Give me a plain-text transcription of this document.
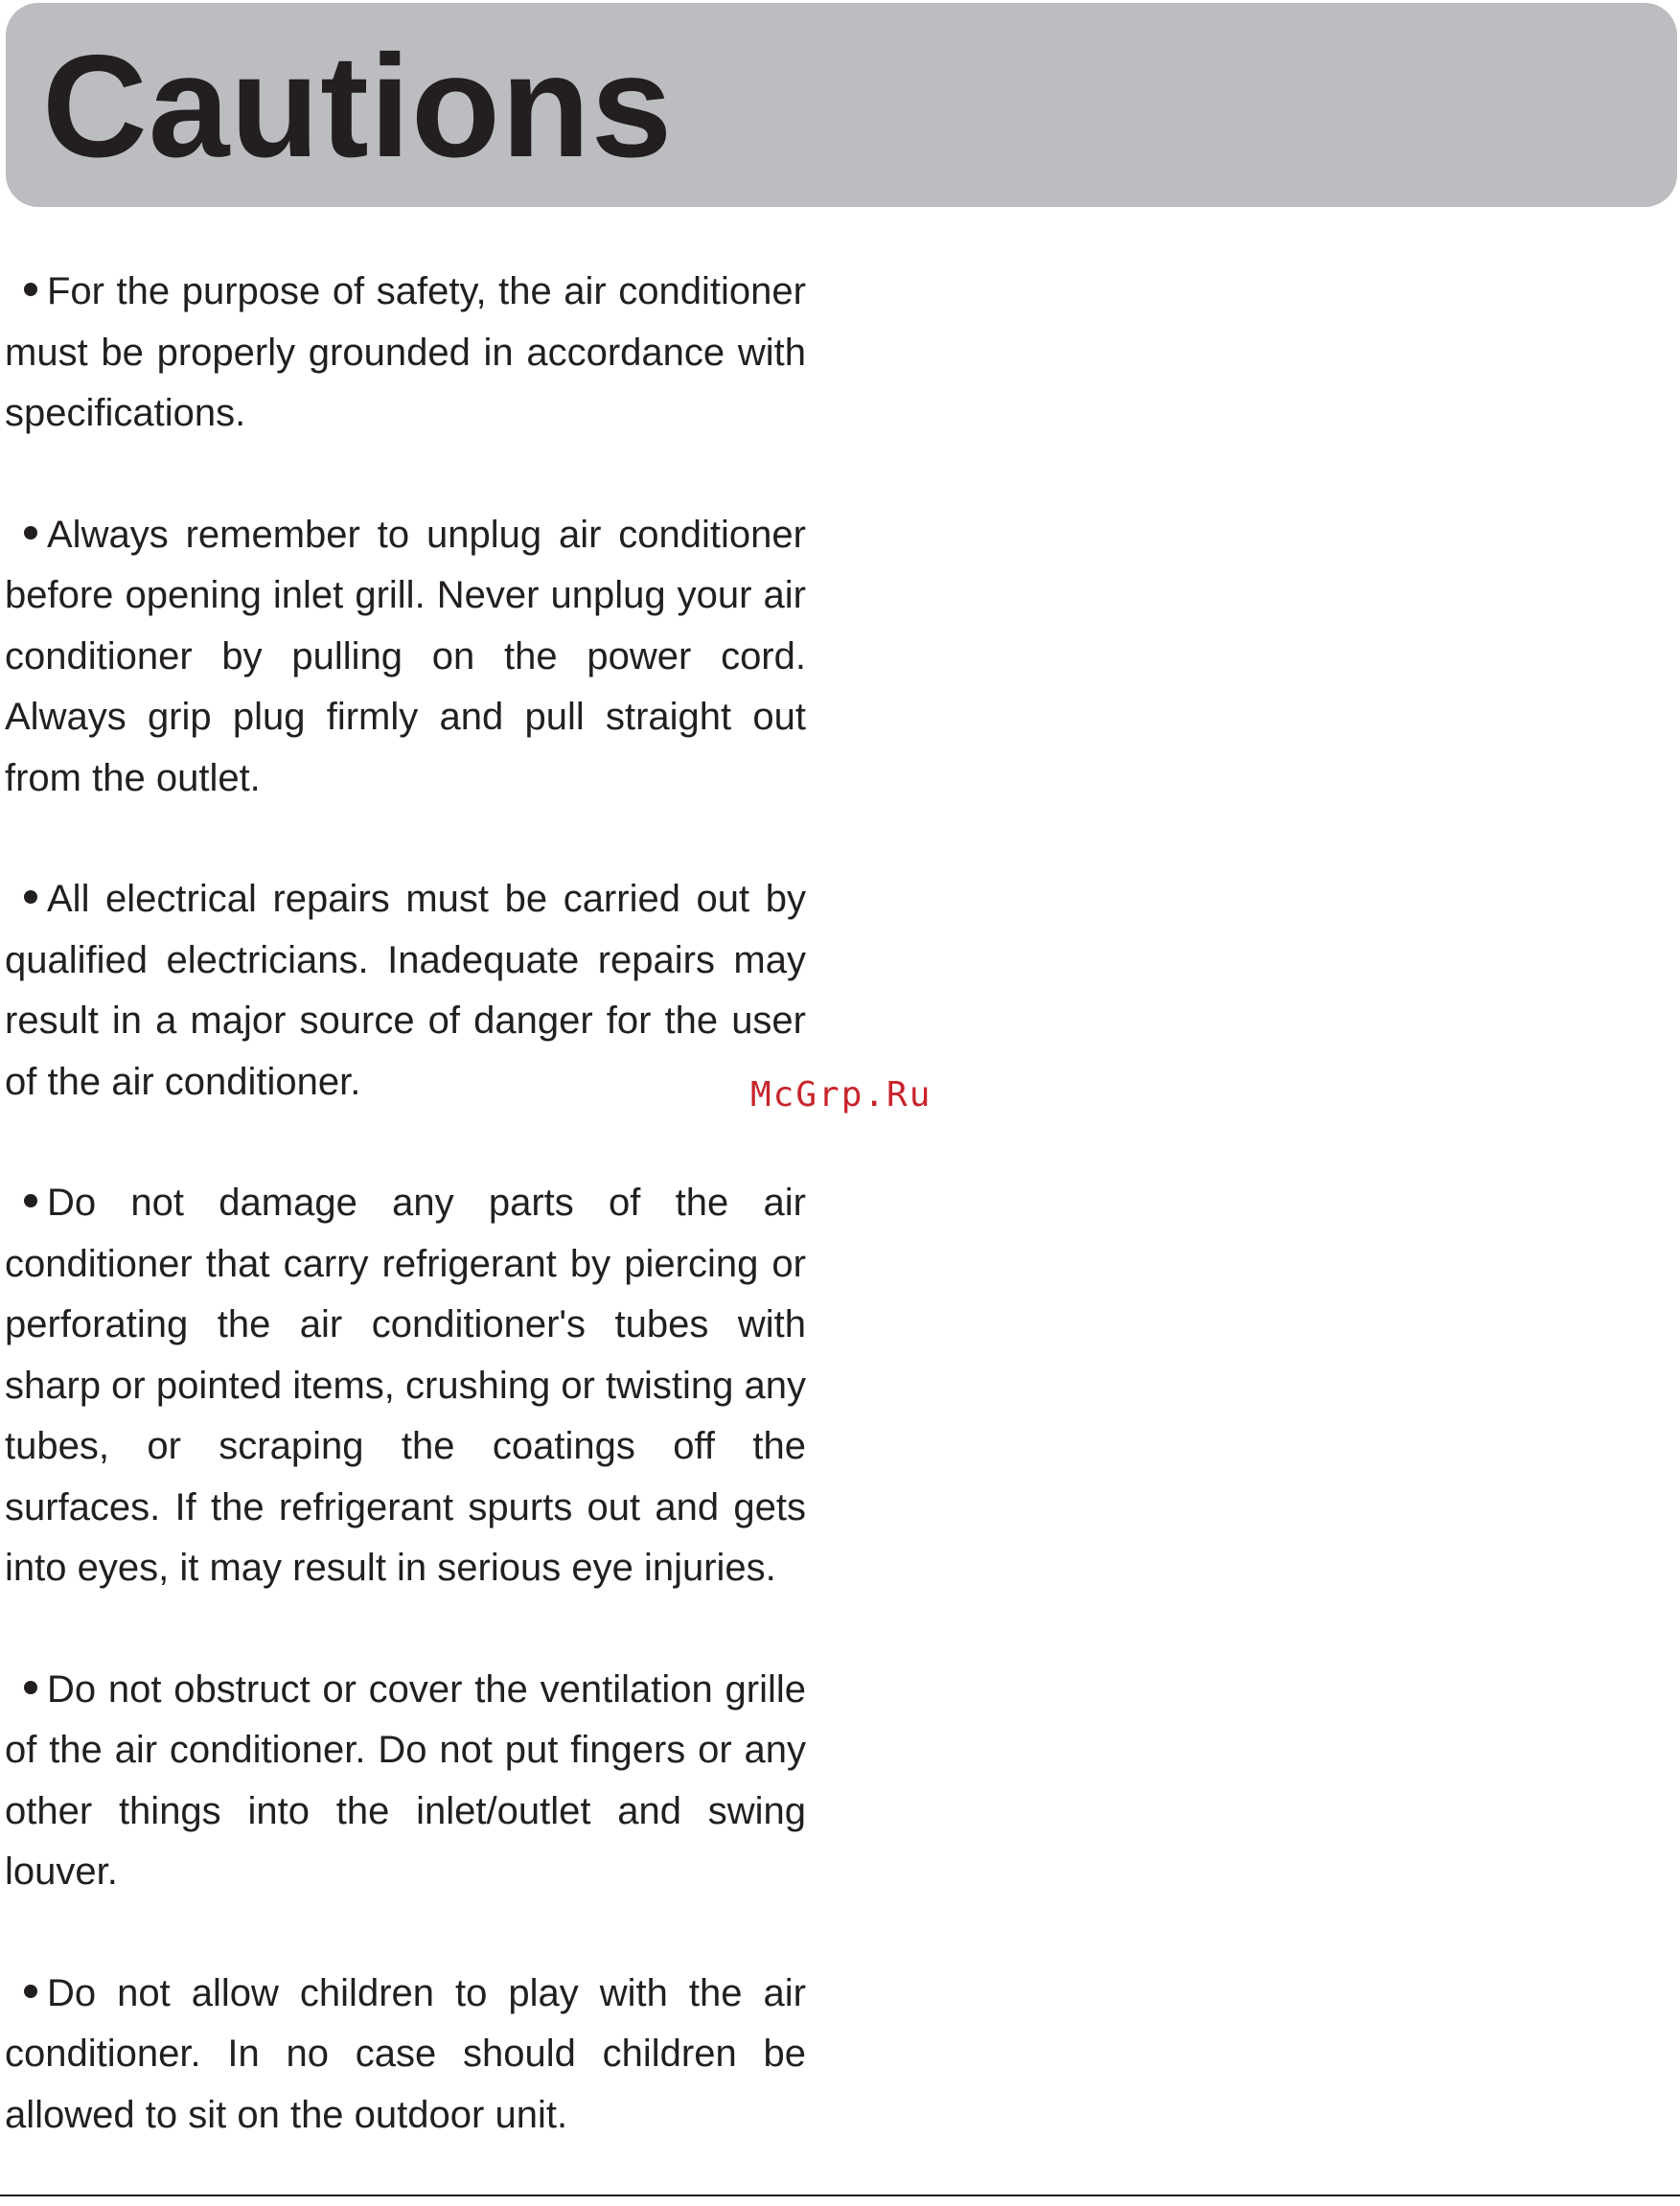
Cautions
For the purpose of safety, the air conditioner must be properly grounded in accordance with specifications.
Always remember to unplug air conditioner before opening inlet grill. Never unplug your air conditioner by pulling on the power cord. Always grip plug firmly and pull straight out from the outlet.
All electrical repairs must be carried out by qualified electricians. Inadequate repairs may result in a major source of danger for the user of the air conditioner.
Do not damage any parts of the air conditioner that carry refrigerant by piercing or perforating the air conditioner's tubes with sharp or pointed items, crushing or twisting any tubes, or scraping the coatings off the surfaces. If the refrigerant spurts out and gets into eyes, it may result in serious eye injuries.
Do not obstruct or cover the ventilation grille of the air conditioner. Do not put fingers or any other things into the inlet/outlet and swing louver.
Do not allow children to play with the air conditioner. In no case should children be allowed to sit on the outdoor unit.
McGrp.Ru
